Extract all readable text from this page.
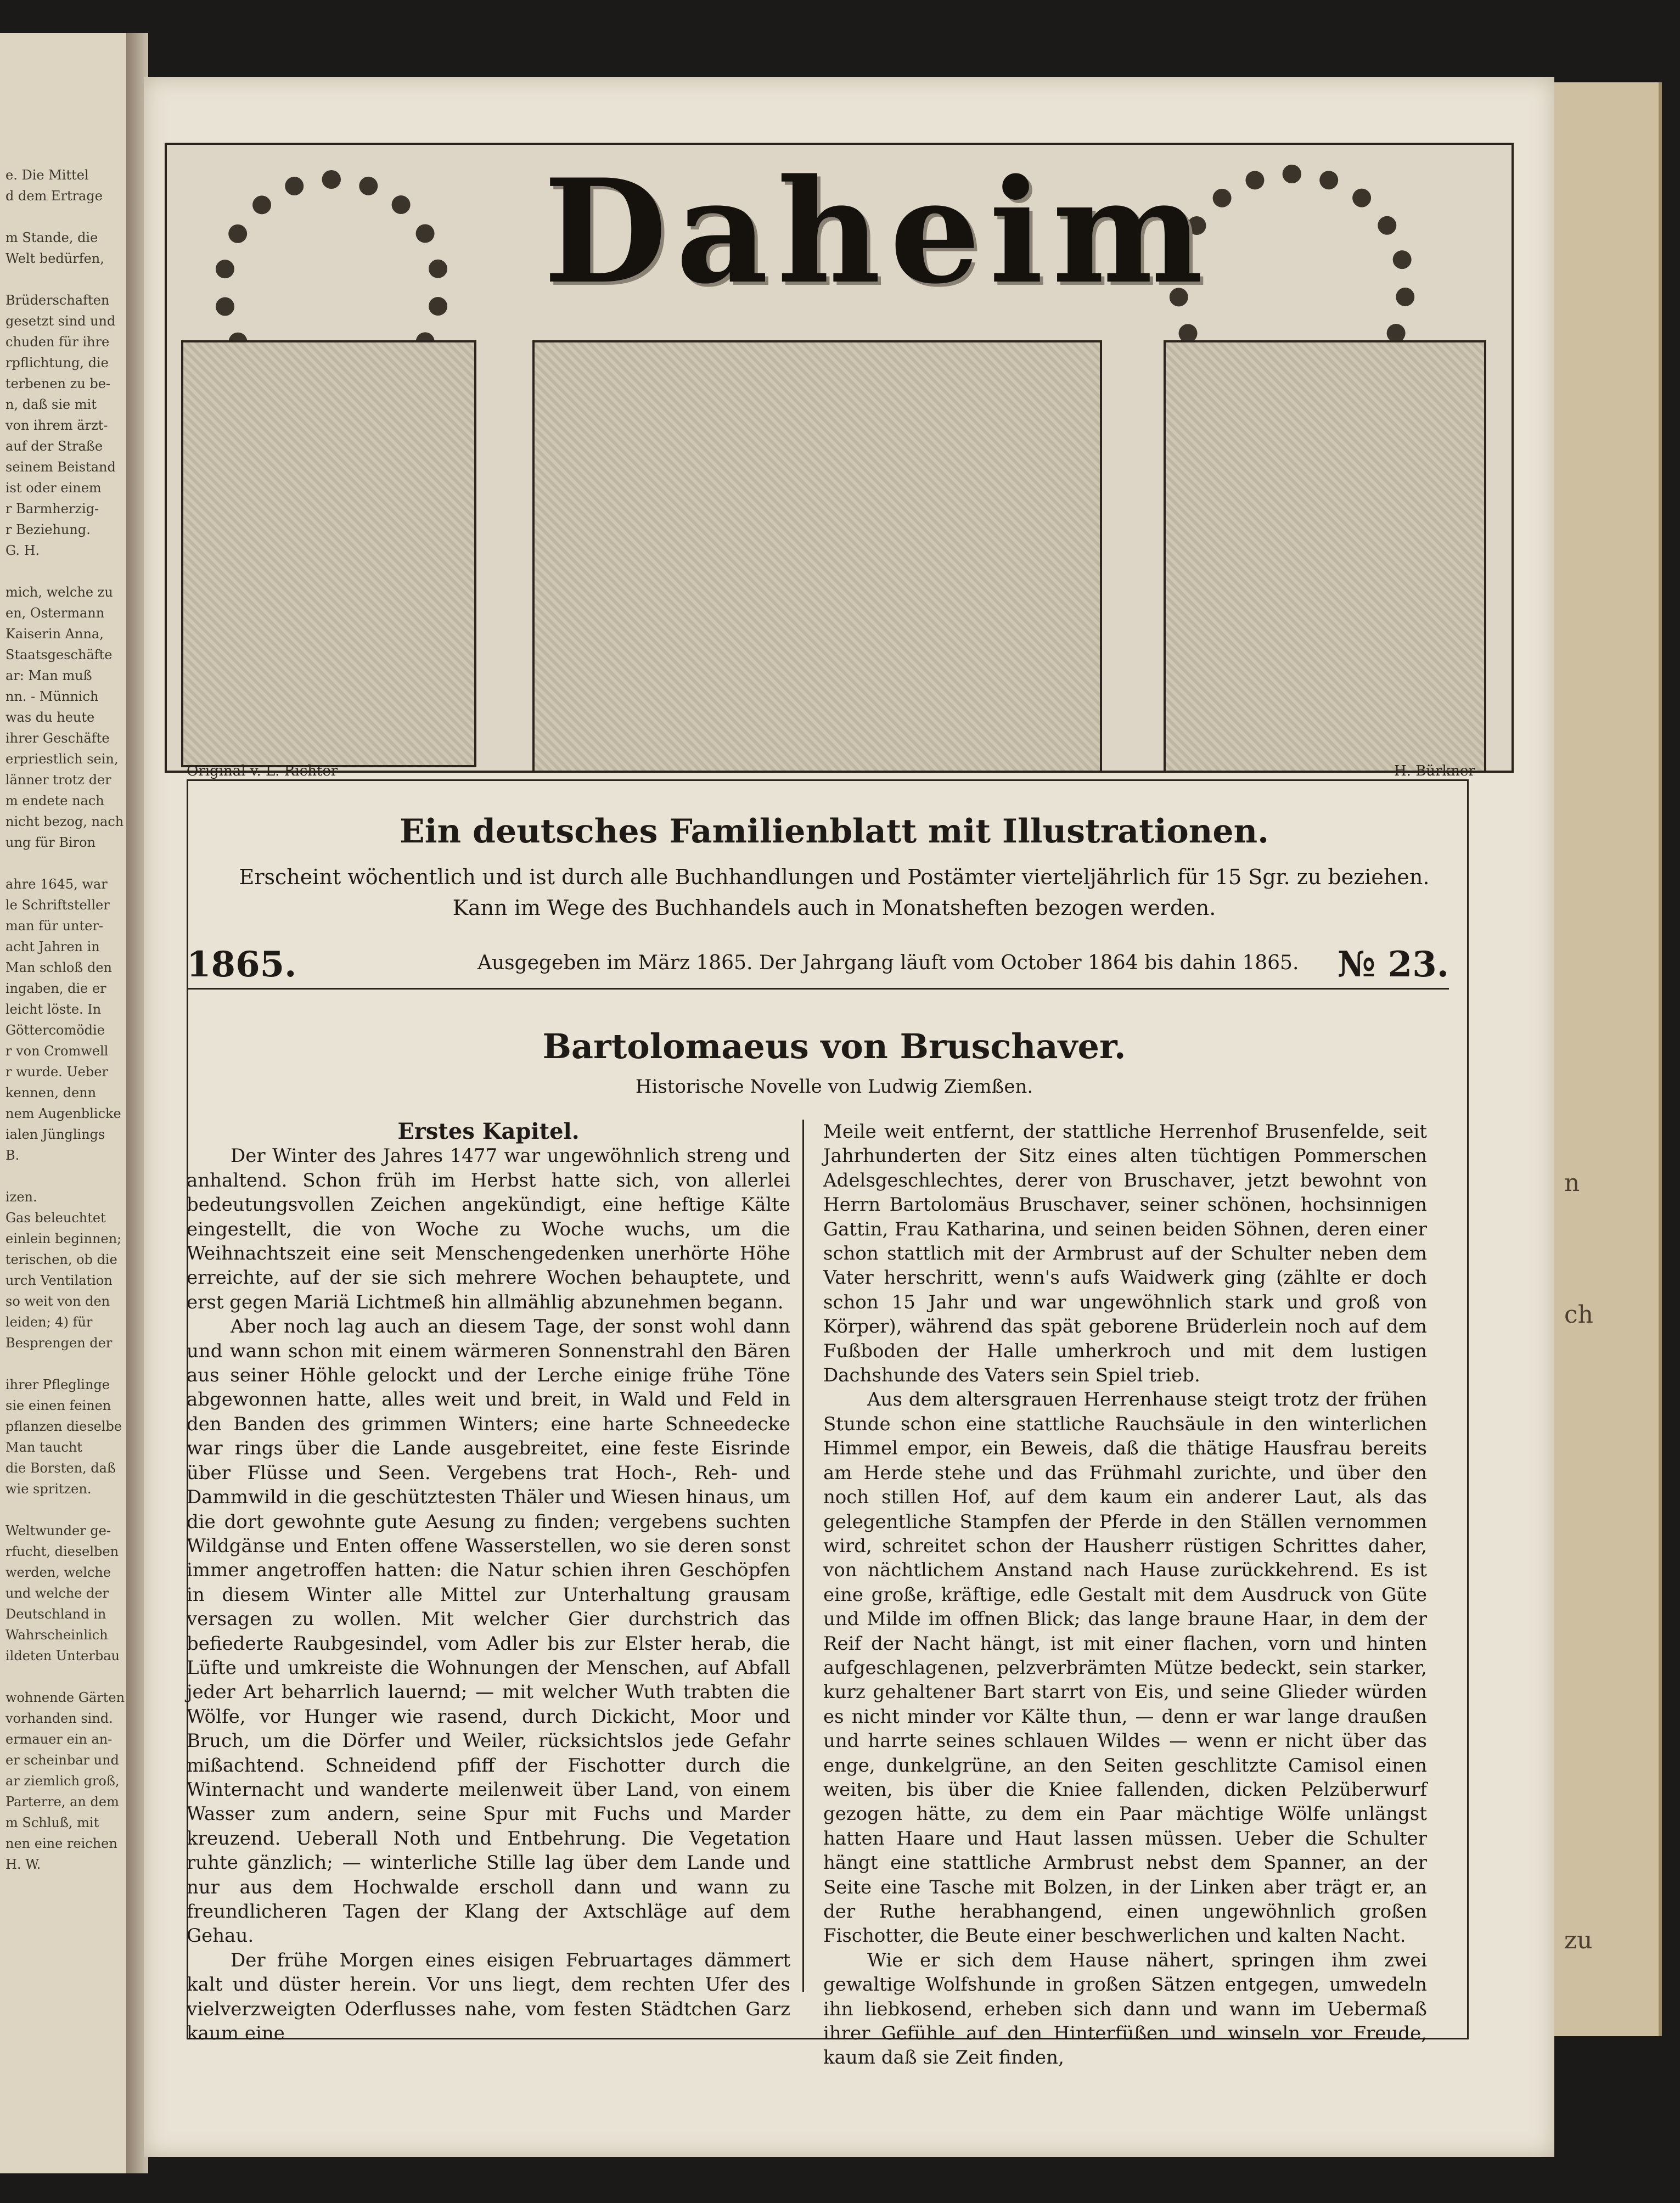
e. Die Mittel
d dem Ertrage
m Stande, die
Welt bedürfen,
Brüderschaften
gesetzt sind und
chuden für ihre
rpflichtung, die
terbenen zu be-
n, daß sie mit
von ihrem ärzt-
auf der Straße
seinem Beistand
ist oder einem
r Barmherzig-
r Beziehung.
G. H.
mich, welche zu
en, Ostermann
Kaiserin Anna,
Staatsgeschäfte
ar: Man muß
nn. - Münnich
was du heute
ihrer Geschäfte
erpriestlich sein,
länner trotz der
m endete nach
nicht bezog, nach
ung für Biron
ahre 1645, war
le Schriftsteller
man für unter-
acht Jahren in
Man schloß den
ingaben, die er
leicht löste. In
Göttercomödie
r von Cromwell
r wurde. Ueber
kennen, denn
nem Augenblicke
ialen Jünglings
B.
izen.
Gas beleuchtet
einlein beginnen;
terischen, ob die
urch Ventilation
so weit von den
leiden; 4) für
Besprengen der
ihrer Pfleglinge
sie einen feinen
pflanzen dieselbe
Man taucht
die Borsten, daß
wie spritzen.
Weltwunder ge-
rfucht, dieselben
werden, welche
und welche der
Deutschland in
Wahrscheinlich
ildeten Unterbau
wohnende Gärten
vorhanden sind.
ermauer ein an-
er scheinbar und
ar ziemlich groß,
Parterre, an dem
m Schluß, mit
nen eine reichen
H. W.
n
ch
zu
Daheim
Original v. L. Richter	H. Bürkner
Ein deutsches Familienblatt mit Illustrationen.
Erscheint wöchentlich und ist durch alle Buchhandlungen und Postämter vierteljährlich für 15 Sgr. zu beziehen.
Kann im Wege des Buchhandels auch in Monatsheften bezogen werden.
1865.	Ausgegeben im März 1865. Der Jahrgang läuft vom October 1864 bis dahin 1865. № 23.
Bartolomaeus von Bruschaver.
Historische Novelle von Ludwig Ziemßen.

Erstes Kapitel.

Der Winter des Jahres 1477 war ungewöhnlich streng und anhaltend. Schon früh im Herbst hatte sich, von allerlei bedeutungsvollen Zeichen angekündigt, eine heftige Kälte eingestellt, die von Woche zu Woche wuchs, um die Weihnachtszeit eine seit Menschengedenken unerhörte Höhe erreichte, auf der sie sich mehrere Wochen behauptete, und erst gegen Mariä Lichtmeß hin allmählig abzunehmen begann.

Aber noch lag auch an diesem Tage, der sonst wohl dann und wann schon mit einem wärmeren Sonnenstrahl den Bären aus seiner Höhle gelockt und der Lerche einige frühe Töne abgewonnen hatte, alles weit und breit, in Wald und Feld in den Banden des grimmen Winters; eine harte Schneedecke war rings über die Lande ausgebreitet, eine feste Eisrinde über Flüsse und Seen. Vergebens trat Hoch-, Reh- und Dammwild in die geschütztesten Thäler und Wiesen hinaus, um die dort gewohnte gute Aesung zu finden; vergebens suchten Wildgänse und Enten offene Wasserstellen, wo sie deren sonst immer angetroffen hatten: die Natur schien ihren Geschöpfen in diesem Winter alle Mittel zur Unterhaltung grausam versagen zu wollen. Mit welcher Gier durchstrich das befiederte Raubgesindel, vom Adler bis zur Elster herab, die Lüfte und umkreiste die Wohnungen der Menschen, auf Abfall jeder Art beharrlich lauernd; — mit welcher Wuth trabten die Wölfe, vor Hunger wie rasend, durch Dickicht, Moor und Bruch, um die Dörfer und Weiler, rücksichtslos jede Gefahr mißachtend. Schneidend pfiff der Fischotter durch die Winternacht und wanderte meilenweit über Land, von einem Wasser zum andern, seine Spur mit Fuchs und Marder kreuzend. Ueberall Noth und Entbehrung. Die Vegetation ruhte gänzlich; — winterliche Stille lag über dem Lande und nur aus dem Hochwalde erscholl dann und wann zu freundlicheren Tagen der Klang der Axtschläge auf dem Gehau.

Der frühe Morgen eines eisigen Februartages dämmert kalt und düster herein. Vor uns liegt, dem rechten Ufer des vielverzweigten Oderflusses nahe, vom festen Städtchen Garz kaum eine

Meile weit entfernt, der stattliche Herrenhof Brusenfelde, seit Jahrhunderten der Sitz eines alten tüchtigen Pommerschen Adelsgeschlechtes, derer von Bruschaver, jetzt bewohnt von Herrn Bartolomäus Bruschaver, seiner schönen, hochsinnigen Gattin, Frau Katharina, und seinen beiden Söhnen, deren einer schon stattlich mit der Armbrust auf der Schulter neben dem Vater herschritt, wenn's aufs Waidwerk ging (zählte er doch schon 15 Jahr und war ungewöhnlich stark und groß von Körper), während das spät geborene Brüderlein noch auf dem Fußboden der Halle umherkroch und mit dem lustigen Dachshunde des Vaters sein Spiel trieb.

Aus dem altersgrauen Herrenhause steigt trotz der frühen Stunde schon eine stattliche Rauchsäule in den winterlichen Himmel empor, ein Beweis, daß die thätige Hausfrau bereits am Herde stehe und das Frühmahl zurichte, und über den noch stillen Hof, auf dem kaum ein anderer Laut, als das gelegentliche Stampfen der Pferde in den Ställen vernommen wird, schreitet schon der Hausherr rüstigen Schrittes daher, von nächtlichem Anstand nach Hause zurückkehrend. Es ist eine große, kräftige, edle Gestalt mit dem Ausdruck von Güte und Milde im offnen Blick; das lange braune Haar, in dem der Reif der Nacht hängt, ist mit einer flachen, vorn und hinten aufgeschlagenen, pelzverbrämten Mütze bedeckt, sein starker, kurz gehaltener Bart starrt von Eis, und seine Glieder würden es nicht minder vor Kälte thun, — denn er war lange draußen und harrte seines schlauen Wildes — wenn er nicht über das enge, dunkelgrüne, an den Seiten geschlitzte Camisol einen weiten, bis über die Kniee fallenden, dicken Pelzüberwurf gezogen hätte, zu dem ein Paar mächtige Wölfe unlängst hatten Haare und Haut lassen müssen. Ueber die Schulter hängt eine stattliche Armbrust nebst dem Spanner, an der Seite eine Tasche mit Bolzen, in der Linken aber trägt er, an der Ruthe herabhangend, einen ungewöhnlich großen Fischotter, die Beute einer beschwerlichen und kalten Nacht.

Wie er sich dem Hause nähert, springen ihm zwei gewaltige Wolfshunde in großen Sätzen entgegen, umwedeln ihn liebkosend, erheben sich dann und wann im Uebermaß ihrer Gefühle auf den Hinterfüßen und winseln vor Freude, kaum daß sie Zeit finden,
